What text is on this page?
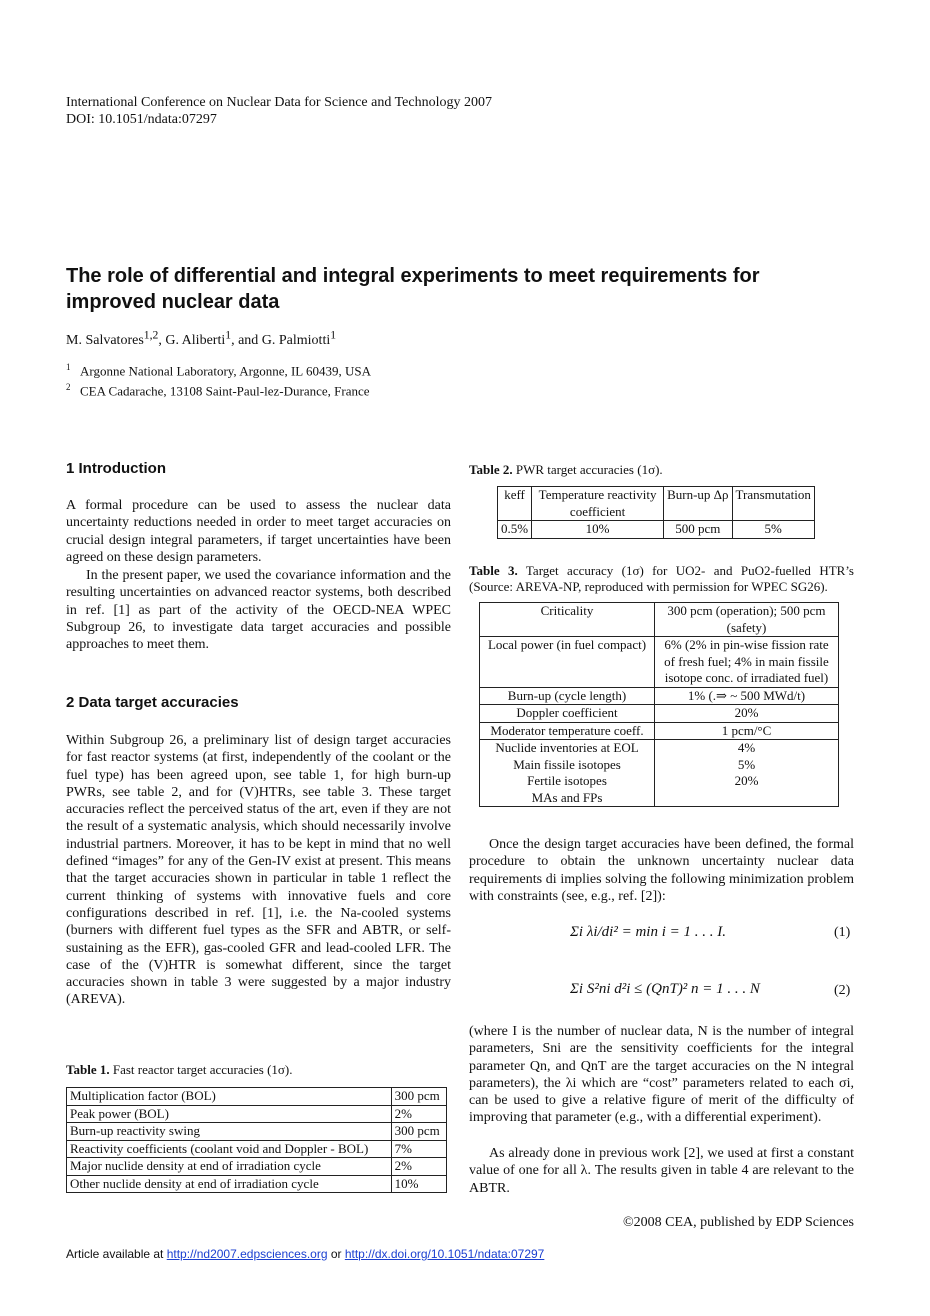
International Conference on Nuclear Data for Science and Technology 2007
DOI: 10.1051/ndata:07297
The role of differential and integral experiments to meet requirements for improved nuclear data
M. Salvatores$^{1,2}$, G. Aliberti$^1$, and G. Palmiotti$^1$
$^1$ Argonne National Laboratory, Argonne, IL 60439, USA
$^2$ CEA Cadarache, 13108 Saint-Paul-lez-Durance, France
1 Introduction
A formal procedure can be used to assess the nuclear data uncertainty reductions needed in order to meet target accuracies on crucial design integral parameters, if target uncertainties have been agreed on these design parameters.
In the present paper, we used the covariance information and the resulting uncertainties on advanced reactor systems, both described in ref. [1] as part of the activity of the OECD-NEA WPEC Subgroup 26, to investigate data target accuracies and possible approaches to meet them.
2 Data target accuracies
Within Subgroup 26, a preliminary list of design target accuracies for fast reactor systems (at first, independently of the coolant or the fuel type) has been agreed upon, see table 1, for high burn-up PWRs, see table 2, and for (V)HTRs, see table 3. These target accuracies reflect the perceived status of the art, even if they are not the result of a systematic analysis, which should necessarily involve industrial partners. Moreover, it has to be kept in mind that no well defined “images” for any of the Gen-IV exist at present. This means that the target accuracies shown in particular in table 1 reflect the current thinking of systems with innovative fuels and core configurations described in ref. [1], i.e. the Na-cooled systems (burners with different fuel types as the SFR and ABTR, or self-sustaining as the EFR), gas-cooled GFR and lead-cooled LFR. The case of the (V)HTR is somewhat different, since the target accuracies shown in table 3 were suggested by a major industry (AREVA).
Table 1. Fast reactor target accuracies (1σ).
Multiplication factor (BOL)	300 pcm
Peak power (BOL)	2%
Burn-up reactivity swing	300 pcm
Reactivity coefficients (coolant void and Doppler - BOL)	7%
Major nuclide density at end of irradiation cycle	2%
Other nuclide density at end of irradiation cycle	10%
Table 2. PWR target accuracies (1σ).
keff	Temperature reactivity coefficient	Burn-up Δρ	Transmutation
0.5%	10%	500 pcm	5%
Table 3. Target accuracy (1σ) for UO2- and PuO2-fuelled HTR’s (Source: AREVA-NP, reproduced with permission for WPEC SG26).
Criticality	300 pcm (operation); 500 pcm (safety)
Local power (in fuel compact)	6% (2% in pin-wise fission rate of fresh fuel; 4% in main fissile isotope conc. of irradiated fuel)
Burn-up (cycle length)	1% (.⇒ ~ 500 MWd/t)
Doppler coefficient	20%
Moderator temperature coeff.	1 pcm/°C
Nuclide inventories at EOL	4%
Main fissile isotopes	5%
Fertile isotopes	20%
MAs and FPs	
Once the design target accuracies have been defined, the formal procedure to obtain the unknown uncertainty nuclear data requirements di implies solving the following minimization problem with constraints (see, e.g., ref. [2]):
Σi λi/di² = min i = 1 . . . I.	(1)
Σi S²ni d²i ≤ (QnT)² n = 1 . . . N	(2)
(where I is the number of nuclear data, N is the number of integral parameters, Sni are the sensitivity coefficients for the integral parameter Qn, and QnT are the target accuracies on the N integral parameters), the λi which are “cost” parameters related to each σi, can be used to give a relative figure of merit of the difficulty of improving that parameter (e.g., with a differential experiment).
As already done in previous work [2], we used at first a constant value of one for all λ. The results given in table 4 are relevant to the ABTR.
©2008 CEA, published by EDP Sciences
Article available at http://nd2007.edpsciences.org or http://dx.doi.org/10.1051/ndata:07297
